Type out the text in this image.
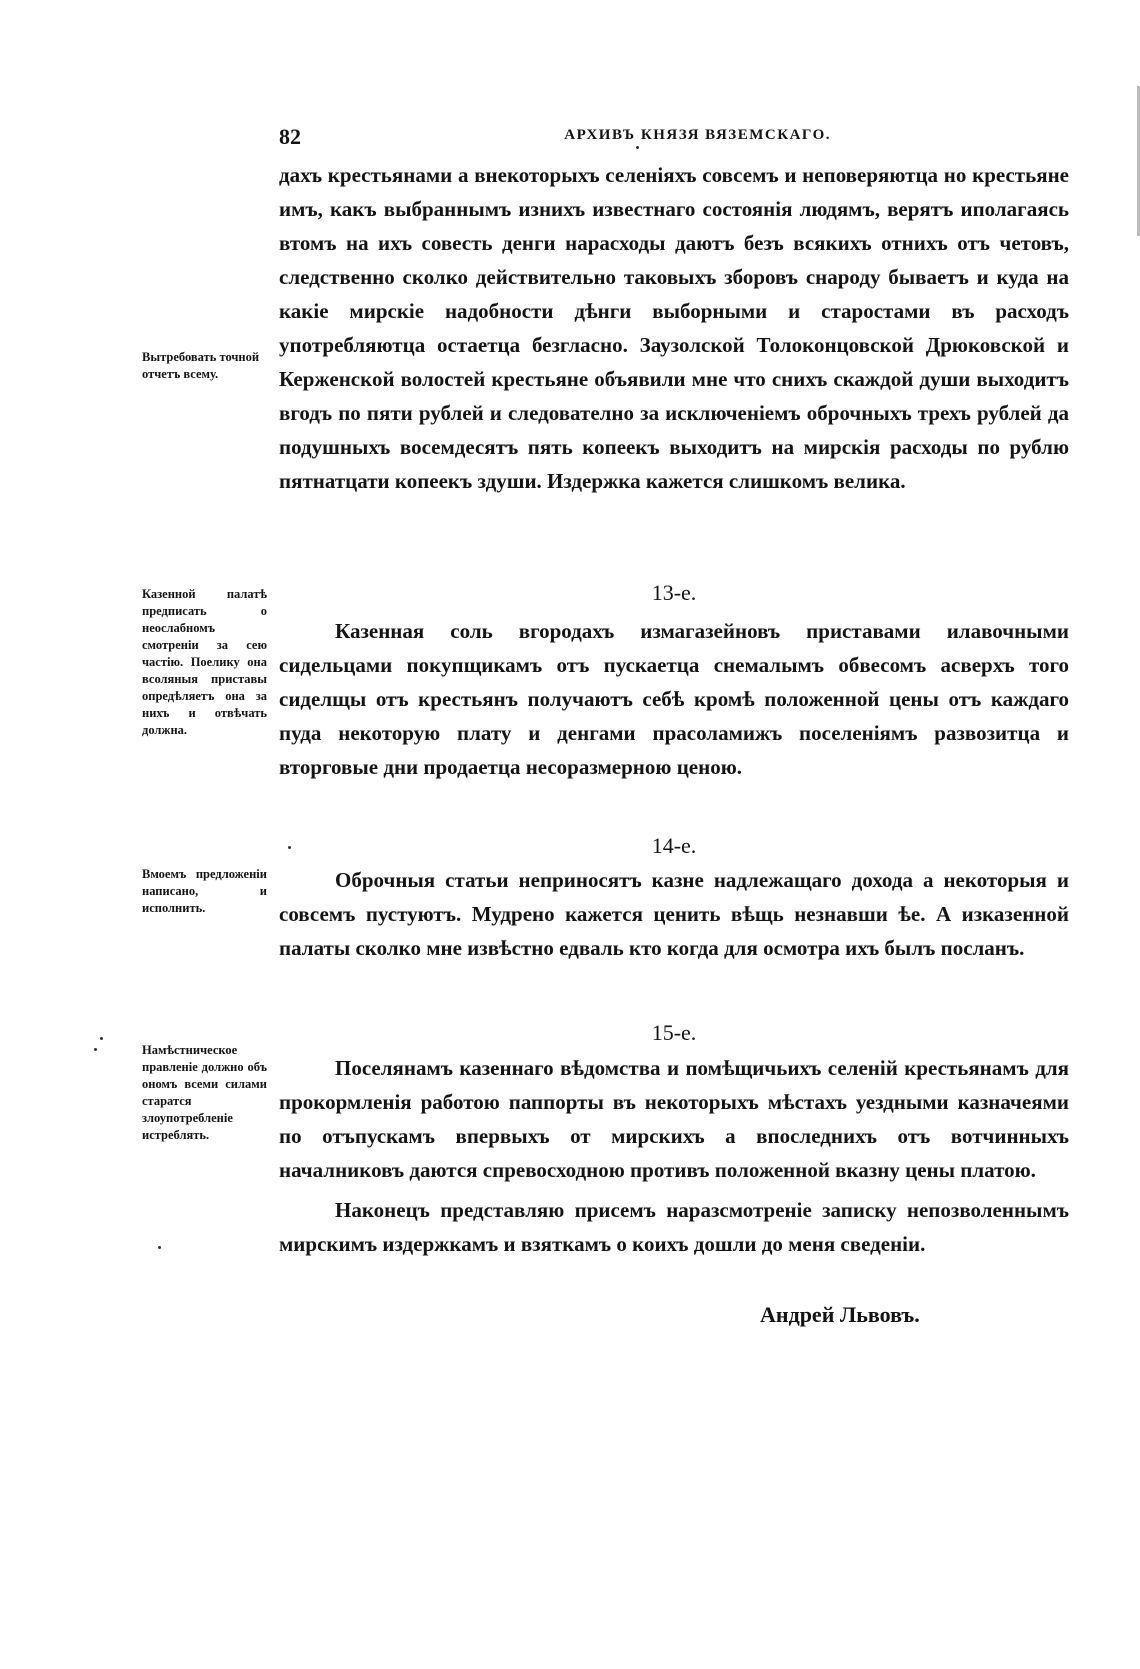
82	АРХИВЪ КНЯЗЯ ВЯЗЕМСКАГО.

дахъ крестьянами а внекоторыхъ селеніяхъ совсемъ и неповеряютца но крестьяне имъ, какъ выбраннымъ изнихъ известнаго состоянія людямъ, верятъ иполагаясь втомъ на ихъ совесть денги нарасходы даютъ безъ всякихъ отнихъ отъ четовъ, следственно сколко действительно таковыхъ зборовъ снароду бываетъ и куда на какіе мирскіе надобности дѣнги выборными и старостами въ расходъ употребляютца остаетца безгласно. Заузолской Толоконцовской Дрюковской и Керженской волостей крестьяне объявили мне что снихъ скаждой души выходитъ вгодъ по пяти рублей и следователно за исключеніемъ оброчныхъ трехъ рублей да подушныхъ восемдесятъ пять копеекъ выходитъ на мирскія расходы по рублю пятнатцати копеекъ здуши. Издержка кажется слишкомъ велика.

Вытребовать точной отчетъ всему.
13-е.

Казенная соль вгородахъ измагазейновъ приставами илавочными сидельцами покупщикамъ отъ пускаетца снемалымъ обвесомъ асверхъ того сиделщы отъ крестьянъ получаютъ себѣ кромѣ положенной цены отъ каждаго пуда некоторую плату и денгами прасоламижъ поселеніямъ развозитца и вторговые дни продаетца несоразмерною ценою.

Казенной палатѣ предписать о неослабномъ смотреніи за сею частію. Поелику она всоляныя приставы опредѣляетъ она за нихъ и отвѣчать должна.
14-е.

Оброчныя статьи неприносятъ казне надлежащаго дохода а некоторыя и совсемъ пустуютъ. Мудрено кажется ценить вѣщь незнавши ѣе. А изказенной палаты сколко мне извѣстно едваль кто когда для осмотра ихъ былъ посланъ.

Вмоемъ предложеніи написано, и исполнить.
15-е.

Поселянамъ казеннаго вѣдомства и помѣщичьихъ селеній крестьянамъ для прокормленія работою паппорты въ некоторыхъ мѣстахъ уездными казначеями по отъпускамъ впервыхъ от мирскихъ а впоследнихъ отъ вотчинныхъ началниковъ даются спревосходною противъ положенной вказну цены платою.

Наконецъ представляю присемъ наразсмотреніе записку непозволеннымъ мирскимъ издержкамъ и взяткамъ о коихъ дошли до меня сведеніи.

Намѣстническое правленіе должно объ ономъ всеми силами старатся злоупотребленіе истреблять.
Андрей Львовъ.
